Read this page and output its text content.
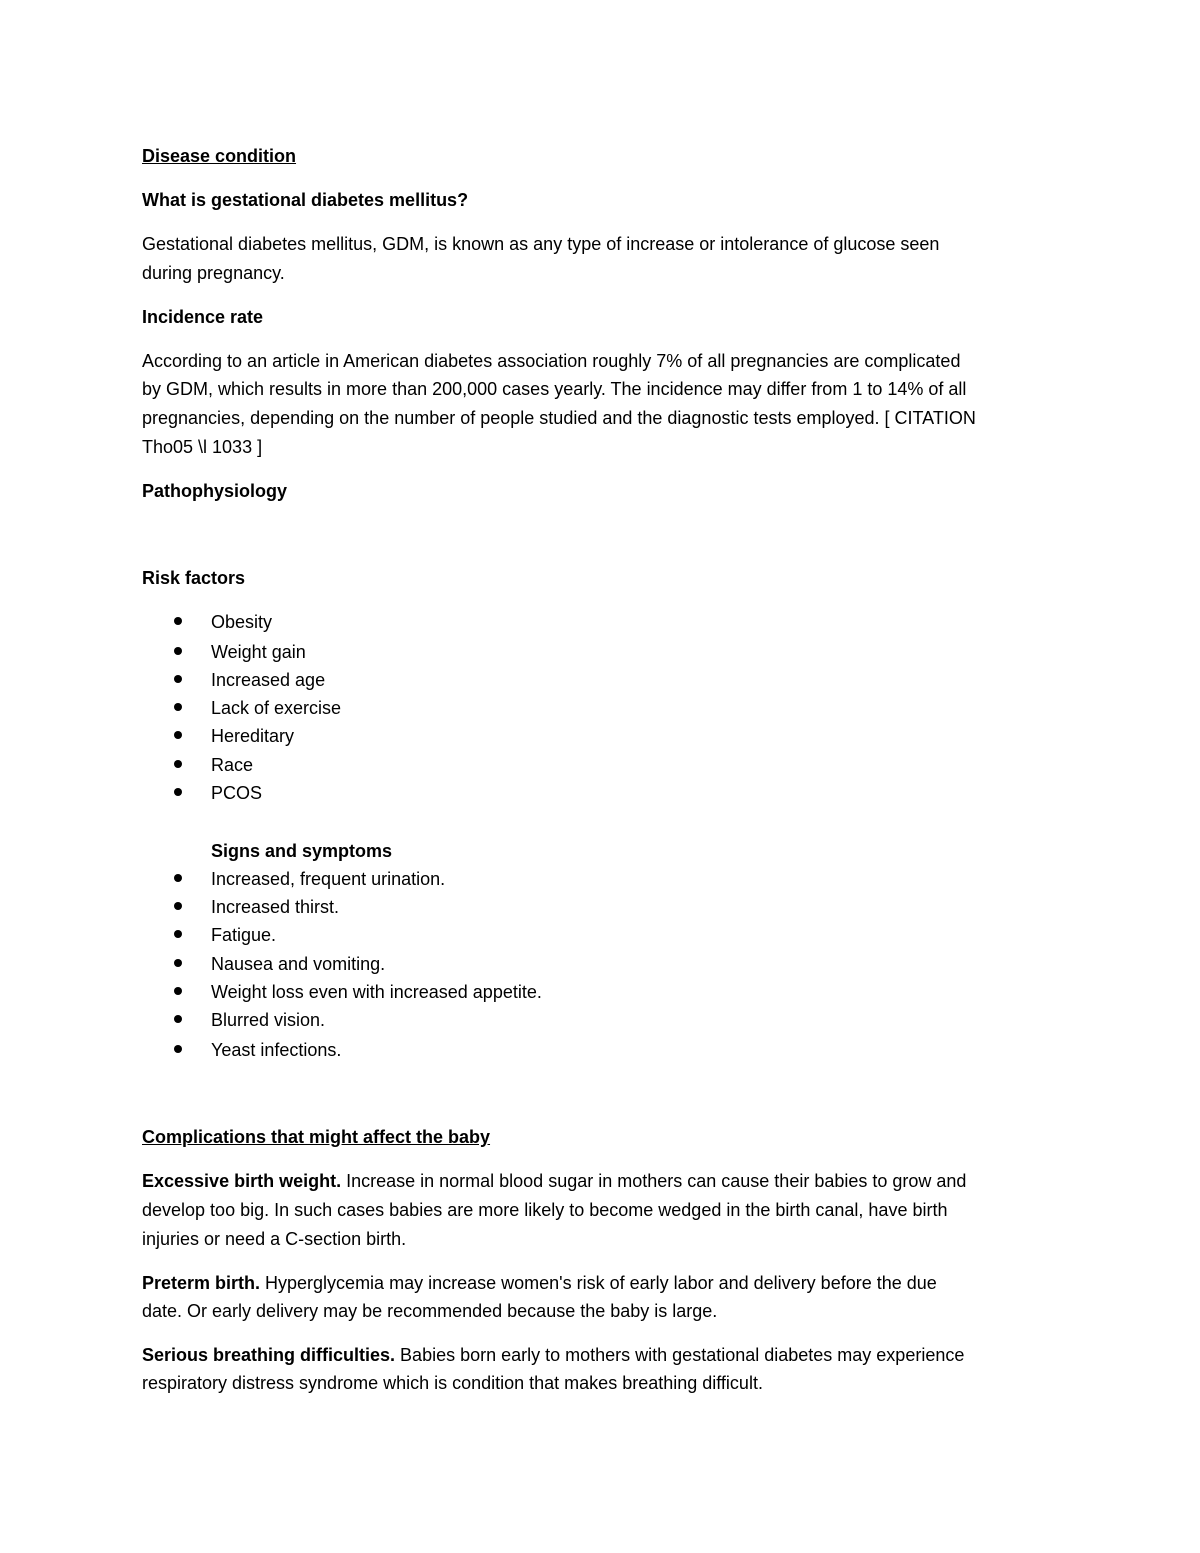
Disease condition
What is gestational diabetes mellitus?
Gestational diabetes mellitus, GDM, is known as any type of increase or intolerance of glucose seen
during pregnancy.
Incidence rate
According to an article in American diabetes association roughly 7% of all pregnancies are complicated
by GDM, which results in more than 200,000 cases yearly. The incidence may differ from 1 to 14% of all
pregnancies, depending on the number of people studied and the diagnostic tests employed. [ CITATION
Tho05 \l 1033 ]
Pathophysiology
Risk factors
Obesity
Weight gain
Increased age
Lack of exercise
Hereditary
Race
PCOS
Signs and symptoms
Increased, frequent urination.
Increased thirst.
Fatigue.
Nausea and vomiting.
Weight loss even with increased appetite.
Blurred vision.
Yeast infections.
Complications that might affect the baby
Excessive birth weight. Increase in normal blood sugar in mothers can cause their babies to grow and
develop too big. In such cases babies are more likely to become wedged in the birth canal, have birth
injuries or need a C-section birth.
Preterm birth. Hyperglycemia may increase women's risk of early labor and delivery before the due
date. Or early delivery may be recommended because the baby is large.
Serious breathing difficulties. Babies born early to mothers with gestational diabetes may experience
respiratory distress syndrome which is condition that makes breathing difficult.
